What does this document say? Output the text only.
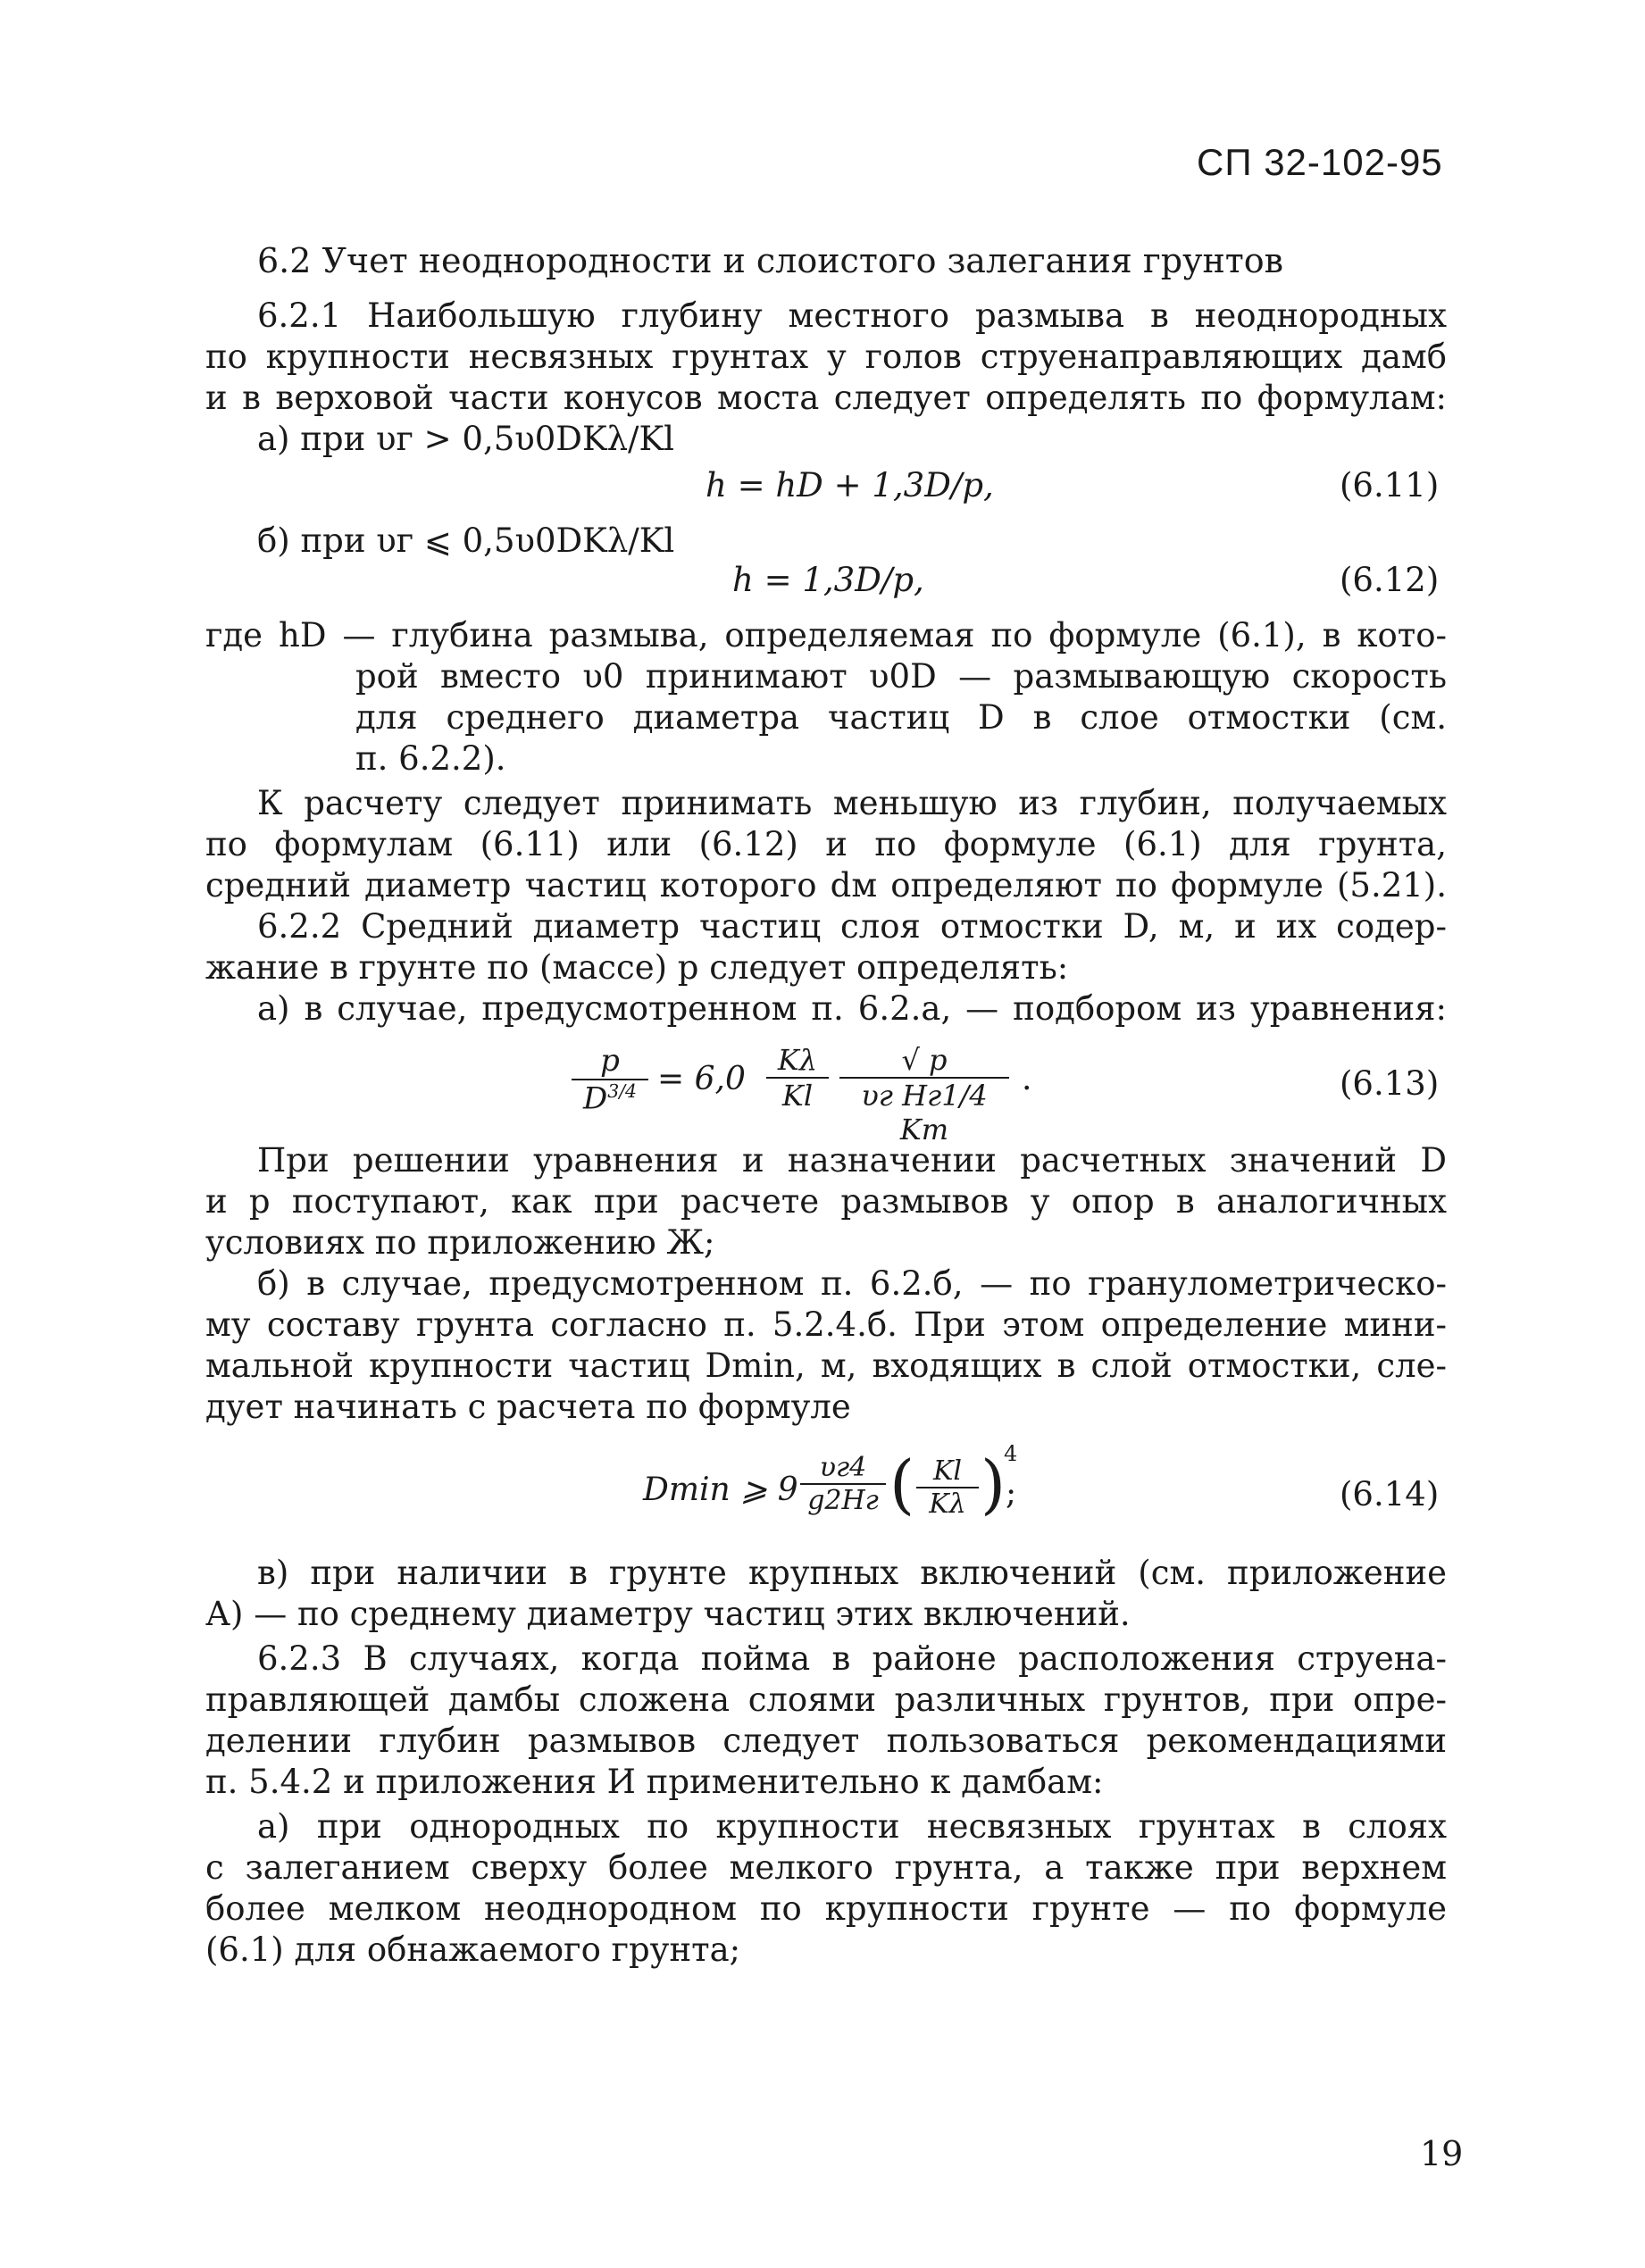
СП 32-102-95
6.2 Учет неоднородности и слоистого залегания грунтов
6.2.1 Наибольшую глубину местного размыва в неоднородных
по крупности несвязных грунтах у голов струенаправляющих дамб
и в верховой части конусов моста следует определять по формулам:
а) при υг > 0,5υ0DKλ/Kl
h = hD + 1,3D/p,	(6.11)
б) при υг ⩽ 0,5υ0DKλ/Kl
h = 1,3D/p,	(6.12)
где hD — глубина размыва, определяемая по формуле (6.1), в кото-
рой вместо υ0 принимают υ0D — размывающую скорость
для среднего диаметра частиц D в слое отмостки (см.
п. 6.2.2).
К расчету следует принимать меньшую из глубин, получаемых
по формулам (6.11) или (6.12) и по формуле (6.1) для грунта,
средний диаметр частиц которого dм определяют по формуле (5.21).
6.2.2 Средний диаметр частиц слоя отмостки D, м, и их содер-
жание в грунте по (массе) p следует определять:
а) в случае, предусмотренном п. 6.2.а, — подбором из уравнения:
$\frac{p}{D^{3/4}} = 6,0 \frac{K\lambda}{Kl}$	√ p
υг Hг1/4 Km
.	(6.13)
При решении уравнения и назначении расчетных значений D
и p поступают, как при расчете размывов у опор в аналогичных
условиях по приложению Ж;
б) в случае, предусмотренном п. 6.2.б, — по гранулометрическо-
му составу грунта согласно п. 5.2.4.б. При этом определение мини-
мальной крупности частиц Dmin, м, входящих в слой отмостки, сле-
дует начинать с расчета по формуле
Dmin ⩾ 9
υг4
g2Hг ( $\frac{Kl}{K\lambda}$ )
4
;	(6.14)
в) при наличии в грунте крупных включений (см. приложение
А) — по среднему диаметру частиц этих включений.
6.2.3 В случаях, когда пойма в районе расположения струена-
правляющей дамбы сложена слоями различных грунтов, при опре-
делении глубин размывов следует пользоваться рекомендациями
п. 5.4.2 и приложения И применительно к дамбам:
а) при однородных по крупности несвязных грунтах в слоях
с залеганием сверху более мелкого грунта, а также при верхнем
более мелком неоднородном по крупности грунте — по формуле
(6.1) для обнажаемого грунта;
19
